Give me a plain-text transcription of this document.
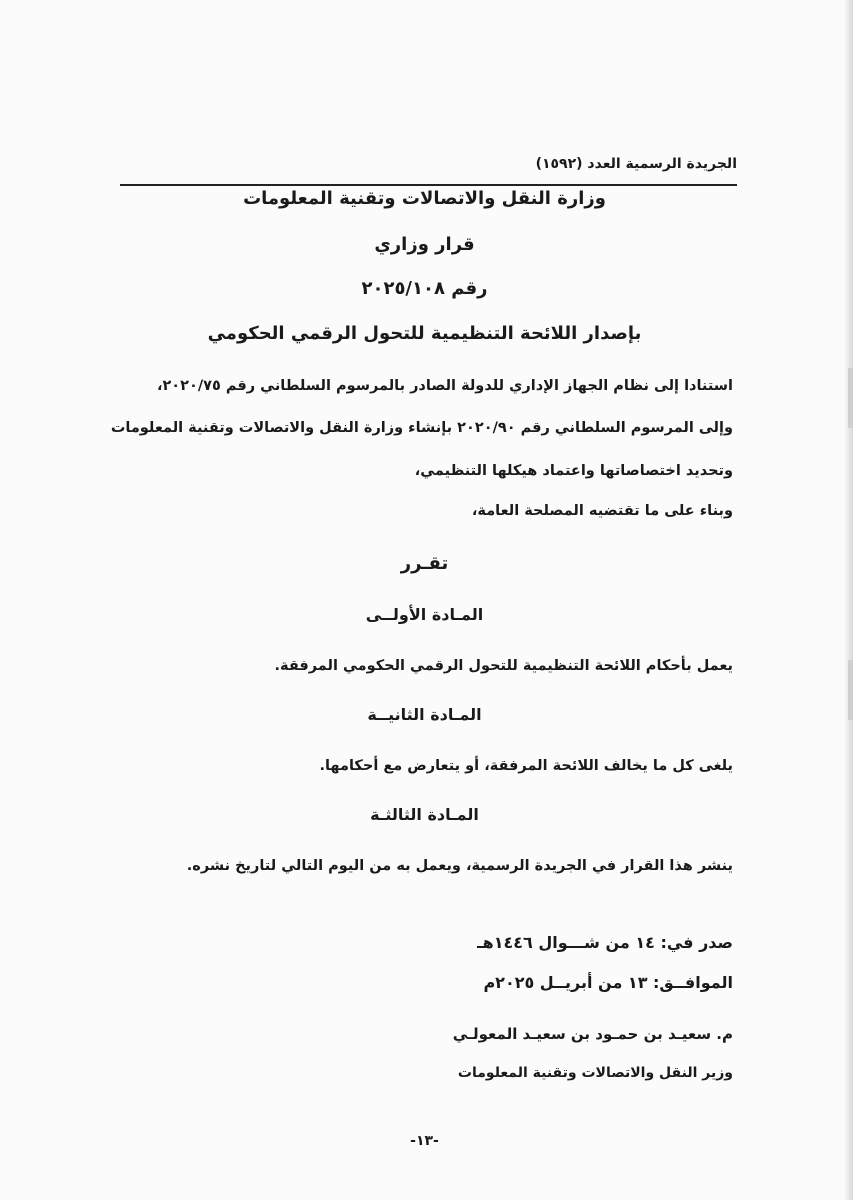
الجريدة الرسمية العدد (١٥٩٢)
وزارة النقل والاتصالات وتقنية المعلومات
قرار وزاري
رقم ٢٠٢٥/١٠٨
بإصدار اللائحة التنظيمية للتحول الرقمي الحكومي
استنادا إلى نظام الجهاز الإداري للدولة الصادر بالمرسوم السلطاني رقم ٢٠٢٠/٧٥،
وإلى المرسوم السلطاني رقم ٢٠٢٠/٩٠ بإنشاء وزارة النقل والاتصالات وتقنية المعلومات
وتحديد اختصاصاتها واعتماد هيكلها التنظيمي،
وبناء على ما تقتضيه المصلحة العامة،
تقـرر
المـادة الأولــى
يعمل بأحكام اللائحة التنظيمية للتحول الرقمي الحكومي المرفقة.
المـادة الثانيــة
يلغى كل ما يخالف اللائحة المرفقة، أو يتعارض مع أحكامها.
المـادة الثالثـة
ينشر هذا القرار في الجريدة الرسمية، ويعمل به من اليوم التالي لتاريخ نشره.
صدر في: ١٤ من شـــوال ١٤٤٦هـ
الموافــق: ١٣ من أبريــل ٢٠٢٥م
م. سعيـد بن حمـود بن سعيـد المعولـي
وزير النقل والاتصالات وتقنية المعلومات
-١٣-
